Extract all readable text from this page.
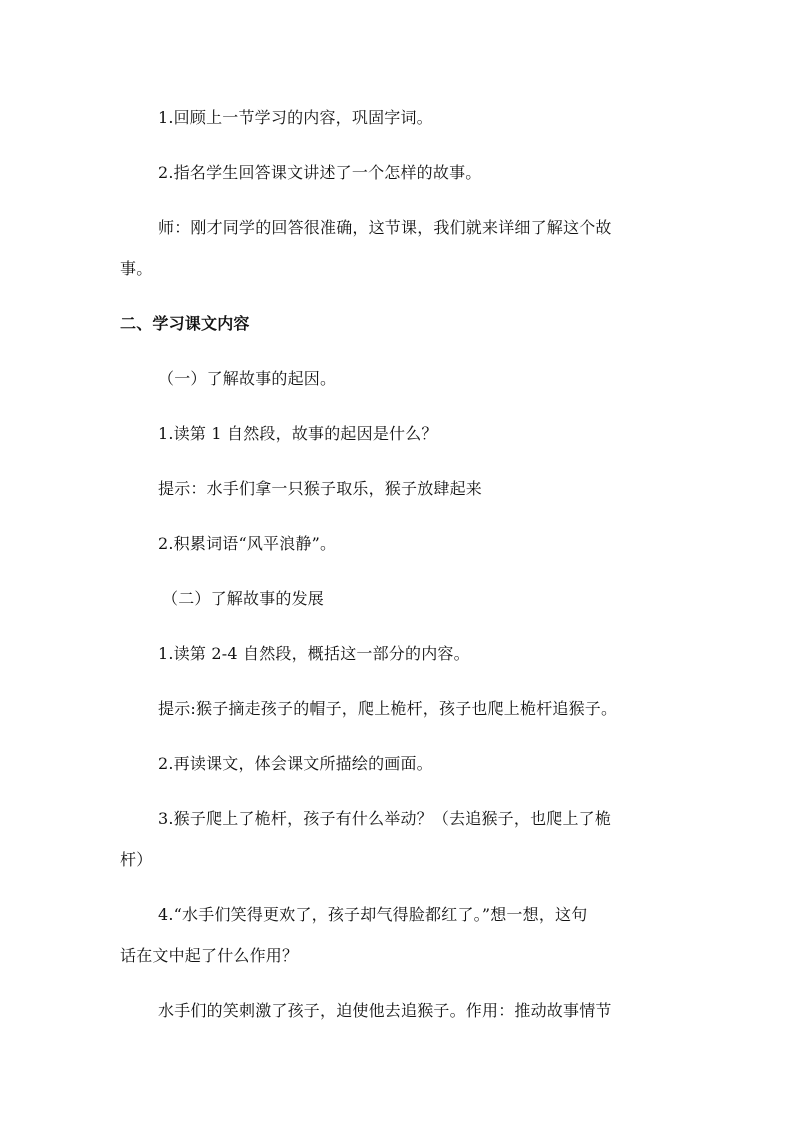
1.回顾上一节学习的内容，巩固字词。
2.指名学生回答课文讲述了一个怎样的故事。
师：刚才同学的回答很准确，这节课，我们就来详细了解这个故
事。
二、学习课文内容
（一）了解故事的起因。
1.读第 1 自然段，故事的起因是什么？
提示：水手们拿一只猴子取乐，猴子放肆起来
2.积累词语“风平浪静”。
（二）了解故事的发展
1.读第 2-4 自然段，概括这一部分的内容。
提示:猴子摘走孩子的帽子，爬上桅杆，孩子也爬上桅杆追猴子。
2.再读课文，体会课文所描绘的画面。
3.猴子爬上了桅杆，孩子有什么举动？（去追猴子，也爬上了桅
杆）
4.“水手们笑得更欢了，孩子却气得脸都红了。”想一想，这句
话在文中起了什么作用？
水手们的笑刺激了孩子，迫使他去追猴子。作用：推动故事情节
